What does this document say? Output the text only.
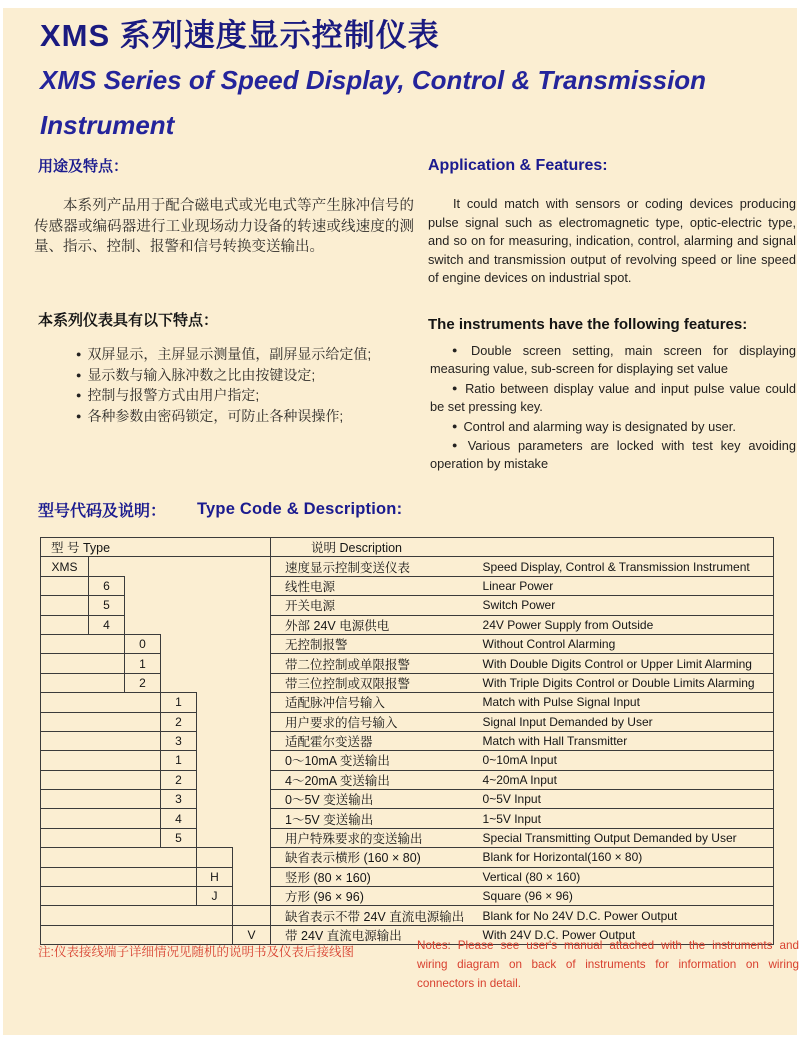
XMS 系列速度显示控制仪表
XMS Series of Speed Display, Control & Transmission Instrument
用途及特点：

本系列产品用于配合磁电式或光电式等产生脉冲信号的传感器或编码器进行工业现场动力设备的转速或线速度的测量、指示、控制、报警和信号转换变送输出。

Application & Features:

It could match with sensors or coding devices producing pulse signal such as electromagnetic type, optic-electric type, and so on for measuring, indication, control, alarming and signal switch and transmission output of revolving speed or line speed of engine devices on industrial spot.

本系列仪表具有以下特点：
● 双屏显示，主屏显示测量值，副屏显示给定值;
● 显示数与输入脉冲数之比由按键设定;
● 控制与报警方式由用户指定;
● 各种参数由密码锁定，可防止各种误操作;
The instruments have the following features:

● Double screen setting, main screen for displaying measuring value, sub-screen for displaying set value

● Ratio between display value and input pulse value could be set pressing key.

● Control and alarming way is designated by user.

● Various parameters are locked with test key avoiding operation by mistake

型号代码及说明： Type Code & Description:
型 号 Type						说明 Description	
XMS						速度显示控制变送仪表	Speed Display, Control & Transmission Instrument
	6					线性电源	Linear Power
	5					开关电源	Switch Power
	4					外部 24V 电源供电	24V Power Supply from Outside
		0				无控制报警	Without Control Alarming
		1				带二位控制或单限报警	With Double Digits Control or Upper Limit Alarming
		2				带三位控制或双限报警	With Triple Digits Control or Double Limits Alarming
			1			适配脉冲信号输入	Match with Pulse Signal Input
			2			用户要求的信号输入	Signal Input Demanded by User
			3			适配霍尔变送器	Match with Hall Transmitter
			1			0～10mA 变送输出	0~10mA Input
			2			4～20mA 变送输出	4~20mA Input
			3			0～5V 变送输出	0~5V Input
			4			1～5V 变送输出	1~5V Input
			5			用户特殊要求的变送输出	Special Transmitting Output Demanded by User
						缺省表示横形 (160 × 80)	Blank for Horizontal(160 × 80)
				H		竖形 (80 × 160)	Vertical (80 × 160)
				J		方形 (96 × 96)	Square (96 × 96)
						缺省表示不带 24V 直流电源输出	Blank for No 24V D.C. Power Output
					V	带 24V 直流电源输出	With 24V D.C. Power Output
注:仪表接线端子详细情况见随机的说明书及仪表后接线图	Notes: Please see user's manual attached with the instruments and wiring diagram on back of instruments for information on wiring connectors in detail.
